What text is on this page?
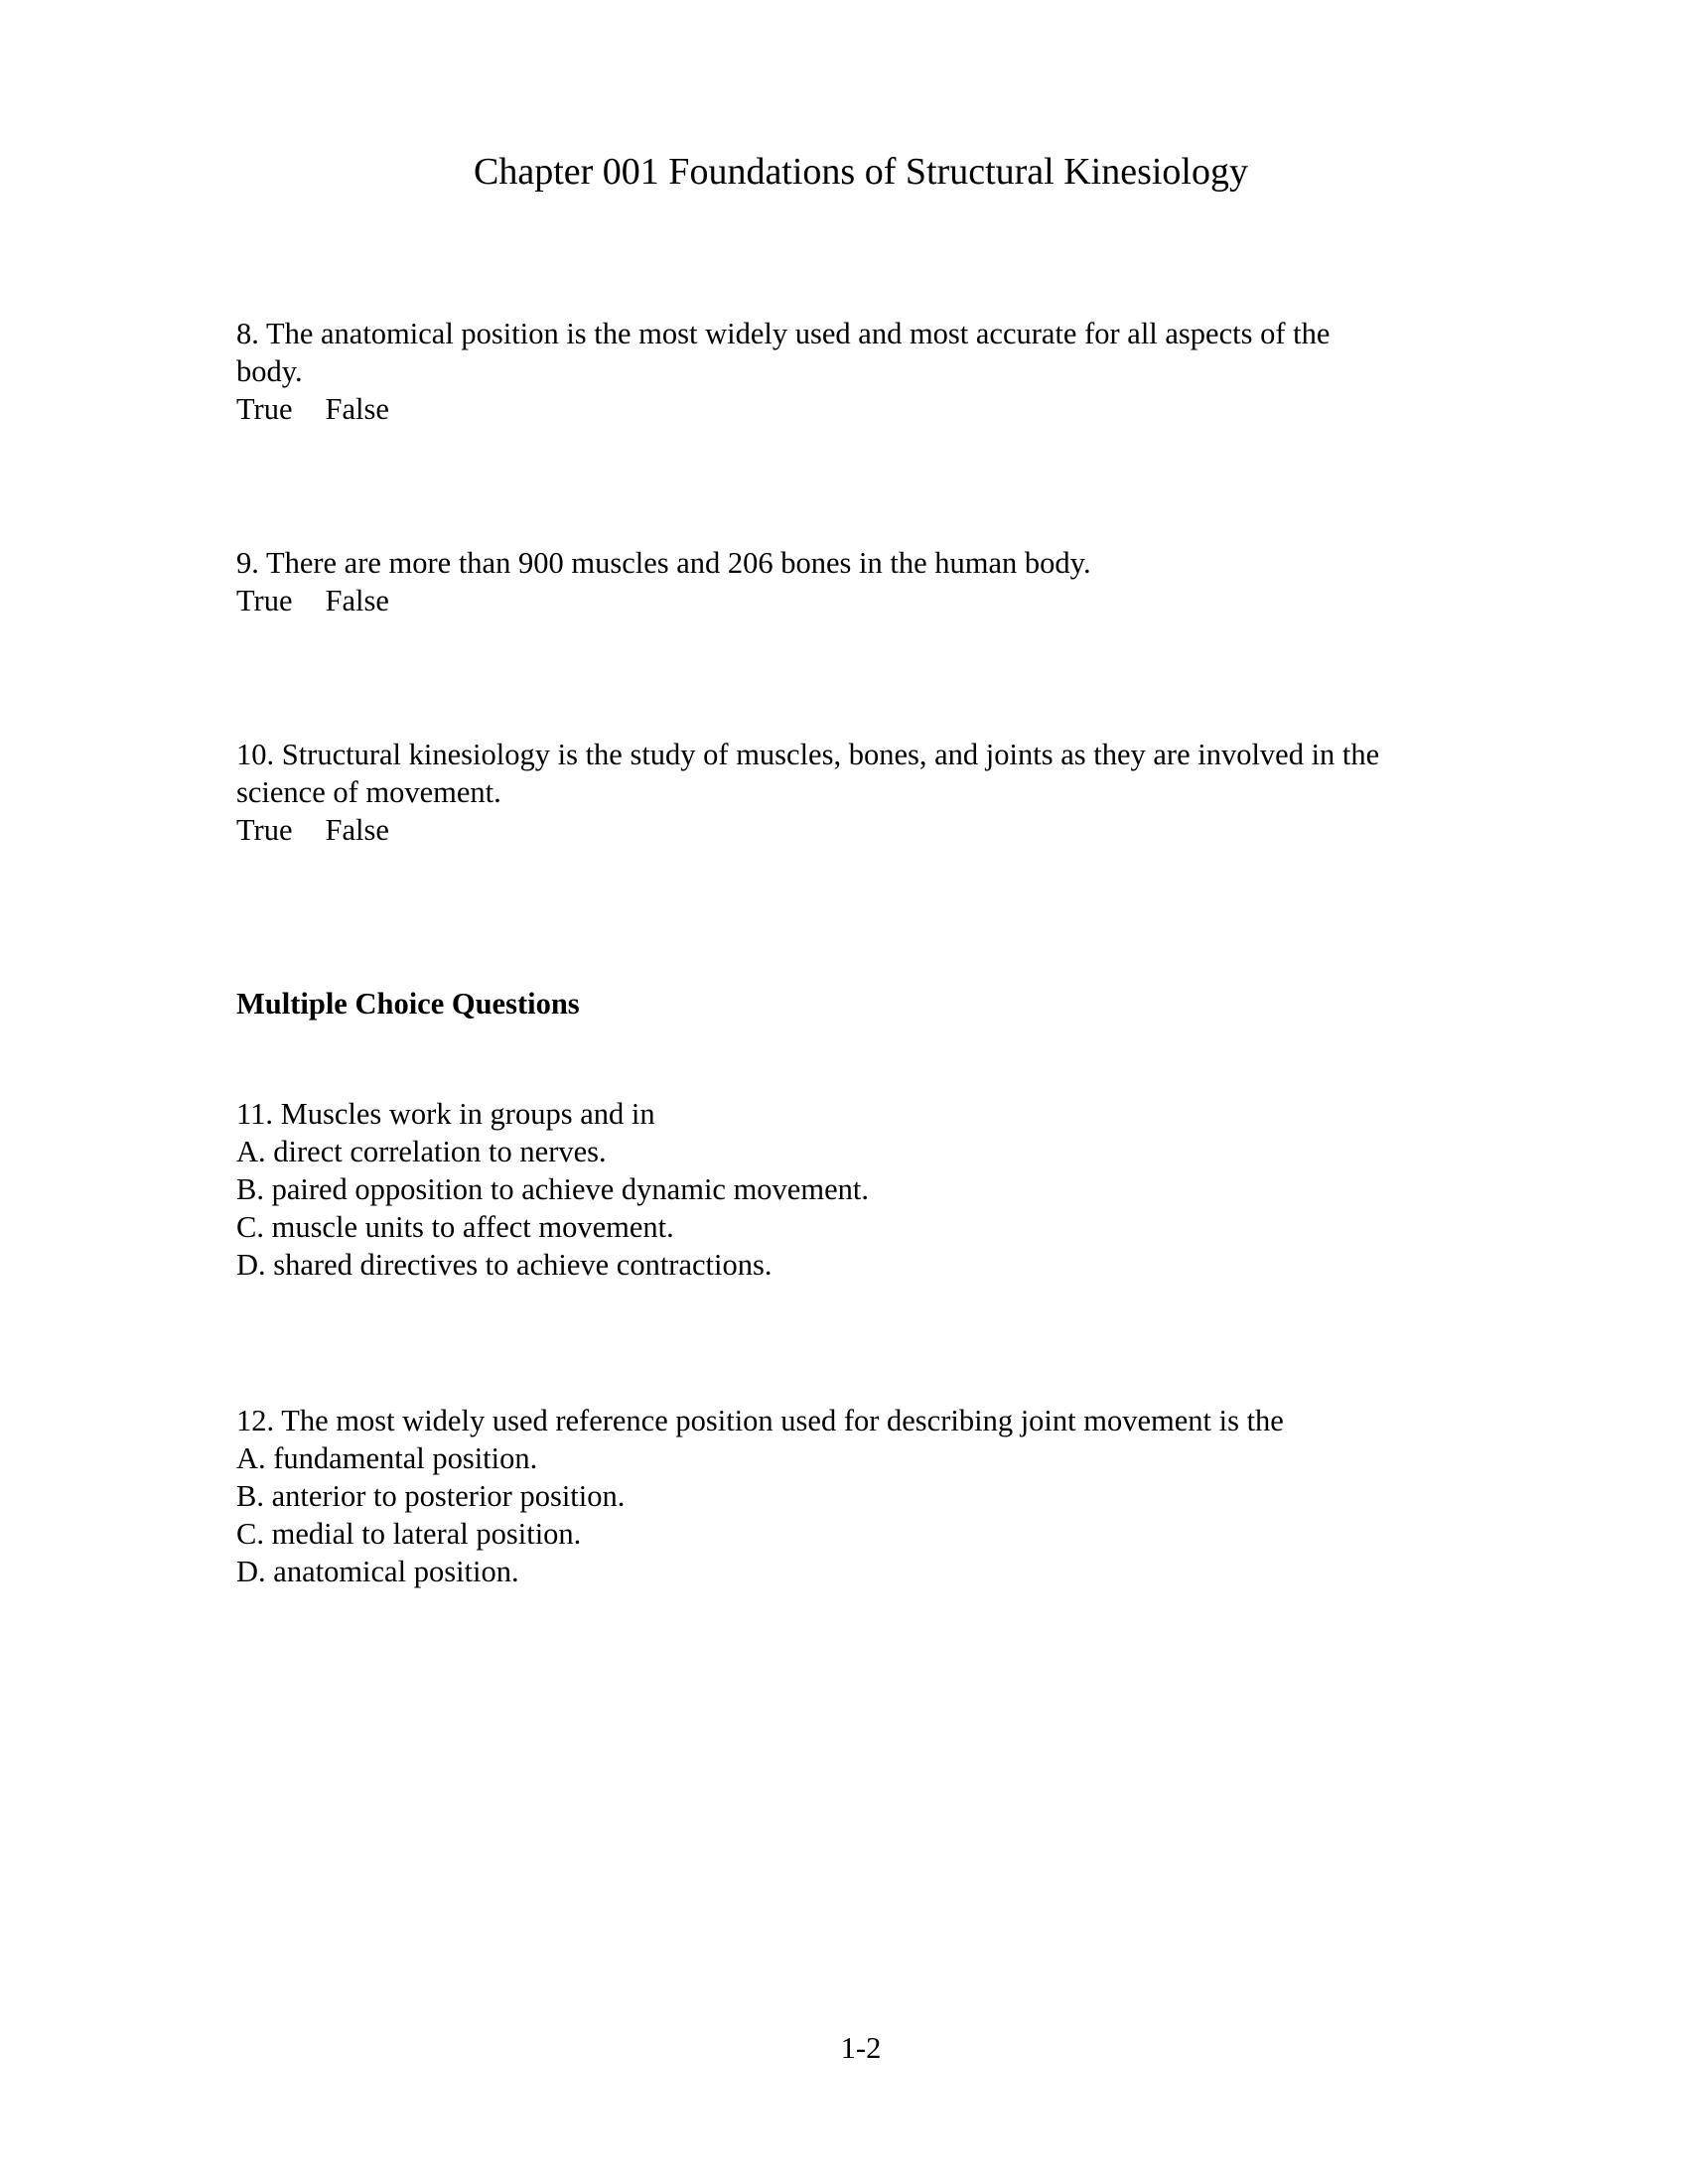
Chapter 001 Foundations of Structural Kinesiology
8. The anatomical position is the most widely used and most accurate for all aspects of the
body.
True False
9. There are more than 900 muscles and 206 bones in the human body.
True False
10. Structural kinesiology is the study of muscles, bones, and joints as they are involved in the
science of movement.
True False
Multiple Choice Questions
11. Muscles work in groups and in
A. direct correlation to nerves.
B. paired opposition to achieve dynamic movement.
C. muscle units to affect movement.
D. shared directives to achieve contractions.
12. The most widely used reference position used for describing joint movement is the
A. fundamental position.
B. anterior to posterior position.
C. medial to lateral position.
D. anatomical position.
1-2
